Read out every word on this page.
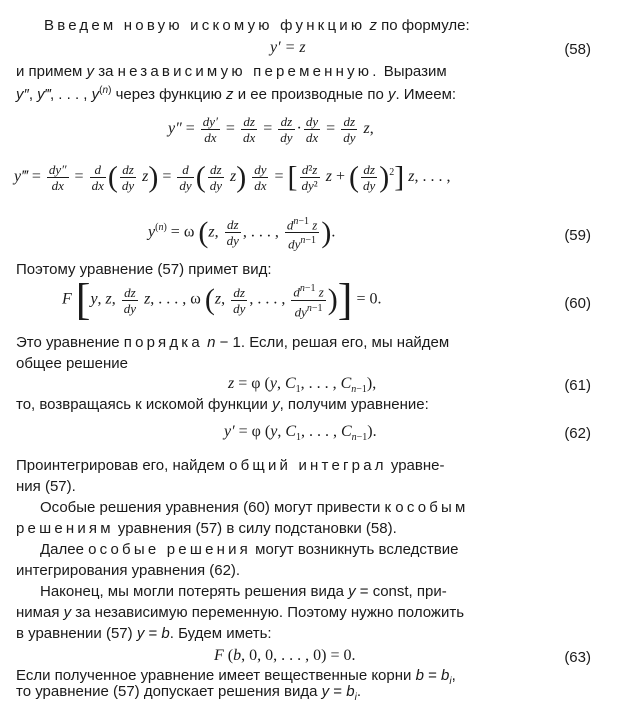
Введем новую искомую функцию z по формуле:
y′ = z	(58)
и примем y за независимую переменную. Выразим
y″, y‴, . . . , $y^{(n)}$ через функцию z и ее производные по y. Имеем:
$y'' = \frac{dy'}{dx} = \frac{dz}{dx} = \frac{dz}{dy} \cdot \frac{dy}{dx} = \frac{dz}{dy} z$,
y‴ = $\frac{dy''}{dx} = \frac{d}{dx}$ ( $\frac{dz}{dy} z) = \frac{d}{dy}$ ( $\frac{dz}{dy} z) \frac{dy}{dx}$ = [ $\frac{\text{d²z}}{\text{dy²}}$ z + ( $\frac{dz}{dy} )^2$] z, . . . ,
$y^{(n)} = \omega$ (z, $\frac{dz}{dy}$ , . . . , $\frac{d^{n-1} z}{dy^{n-1}}$ ).	(59)
Поэтому уравнение (57) примет вид:
F [y, z, $\frac{dz}{dy} z$, . . . , ω (z, $\frac{dz}{dy}$ , . . . , $\frac{d^{n-1} z}{dy^{n-1}}$ )] = 0.	(60)
Это уравнение порядка n − 1. Если, решая его, мы найдем
общее решение
z = φ (y, $C_1$, . . . , $C_{n-1}$),	(61)
то, возвращаясь к искомой функции y, получим уравнение:
y′ = φ (y, $C_1$, . . . , $C_{n-1}$).	(62)
Проинтегрировав его, найдем общий интеграл уравне-
ния (57).
Особые решения уравнения (60) могут привести к особым
решениям уравнения (57) в силу подстановки (58).
Далее особые решения могут возникнуть вследствие
интегрирования уравнения (62).
Наконец, мы могли потерять решения вида y = const, при-
нимая y за независимую переменную. Поэтому нужно положить
в уравнении (57) y = b. Будем иметь:
F (b, 0, 0, . . . , 0) = 0.	(63)
Если полученное уравнение имеет вещественные корни $b = b_i$,
то уравнение (57) допускает решения вида $y = b_i$.
